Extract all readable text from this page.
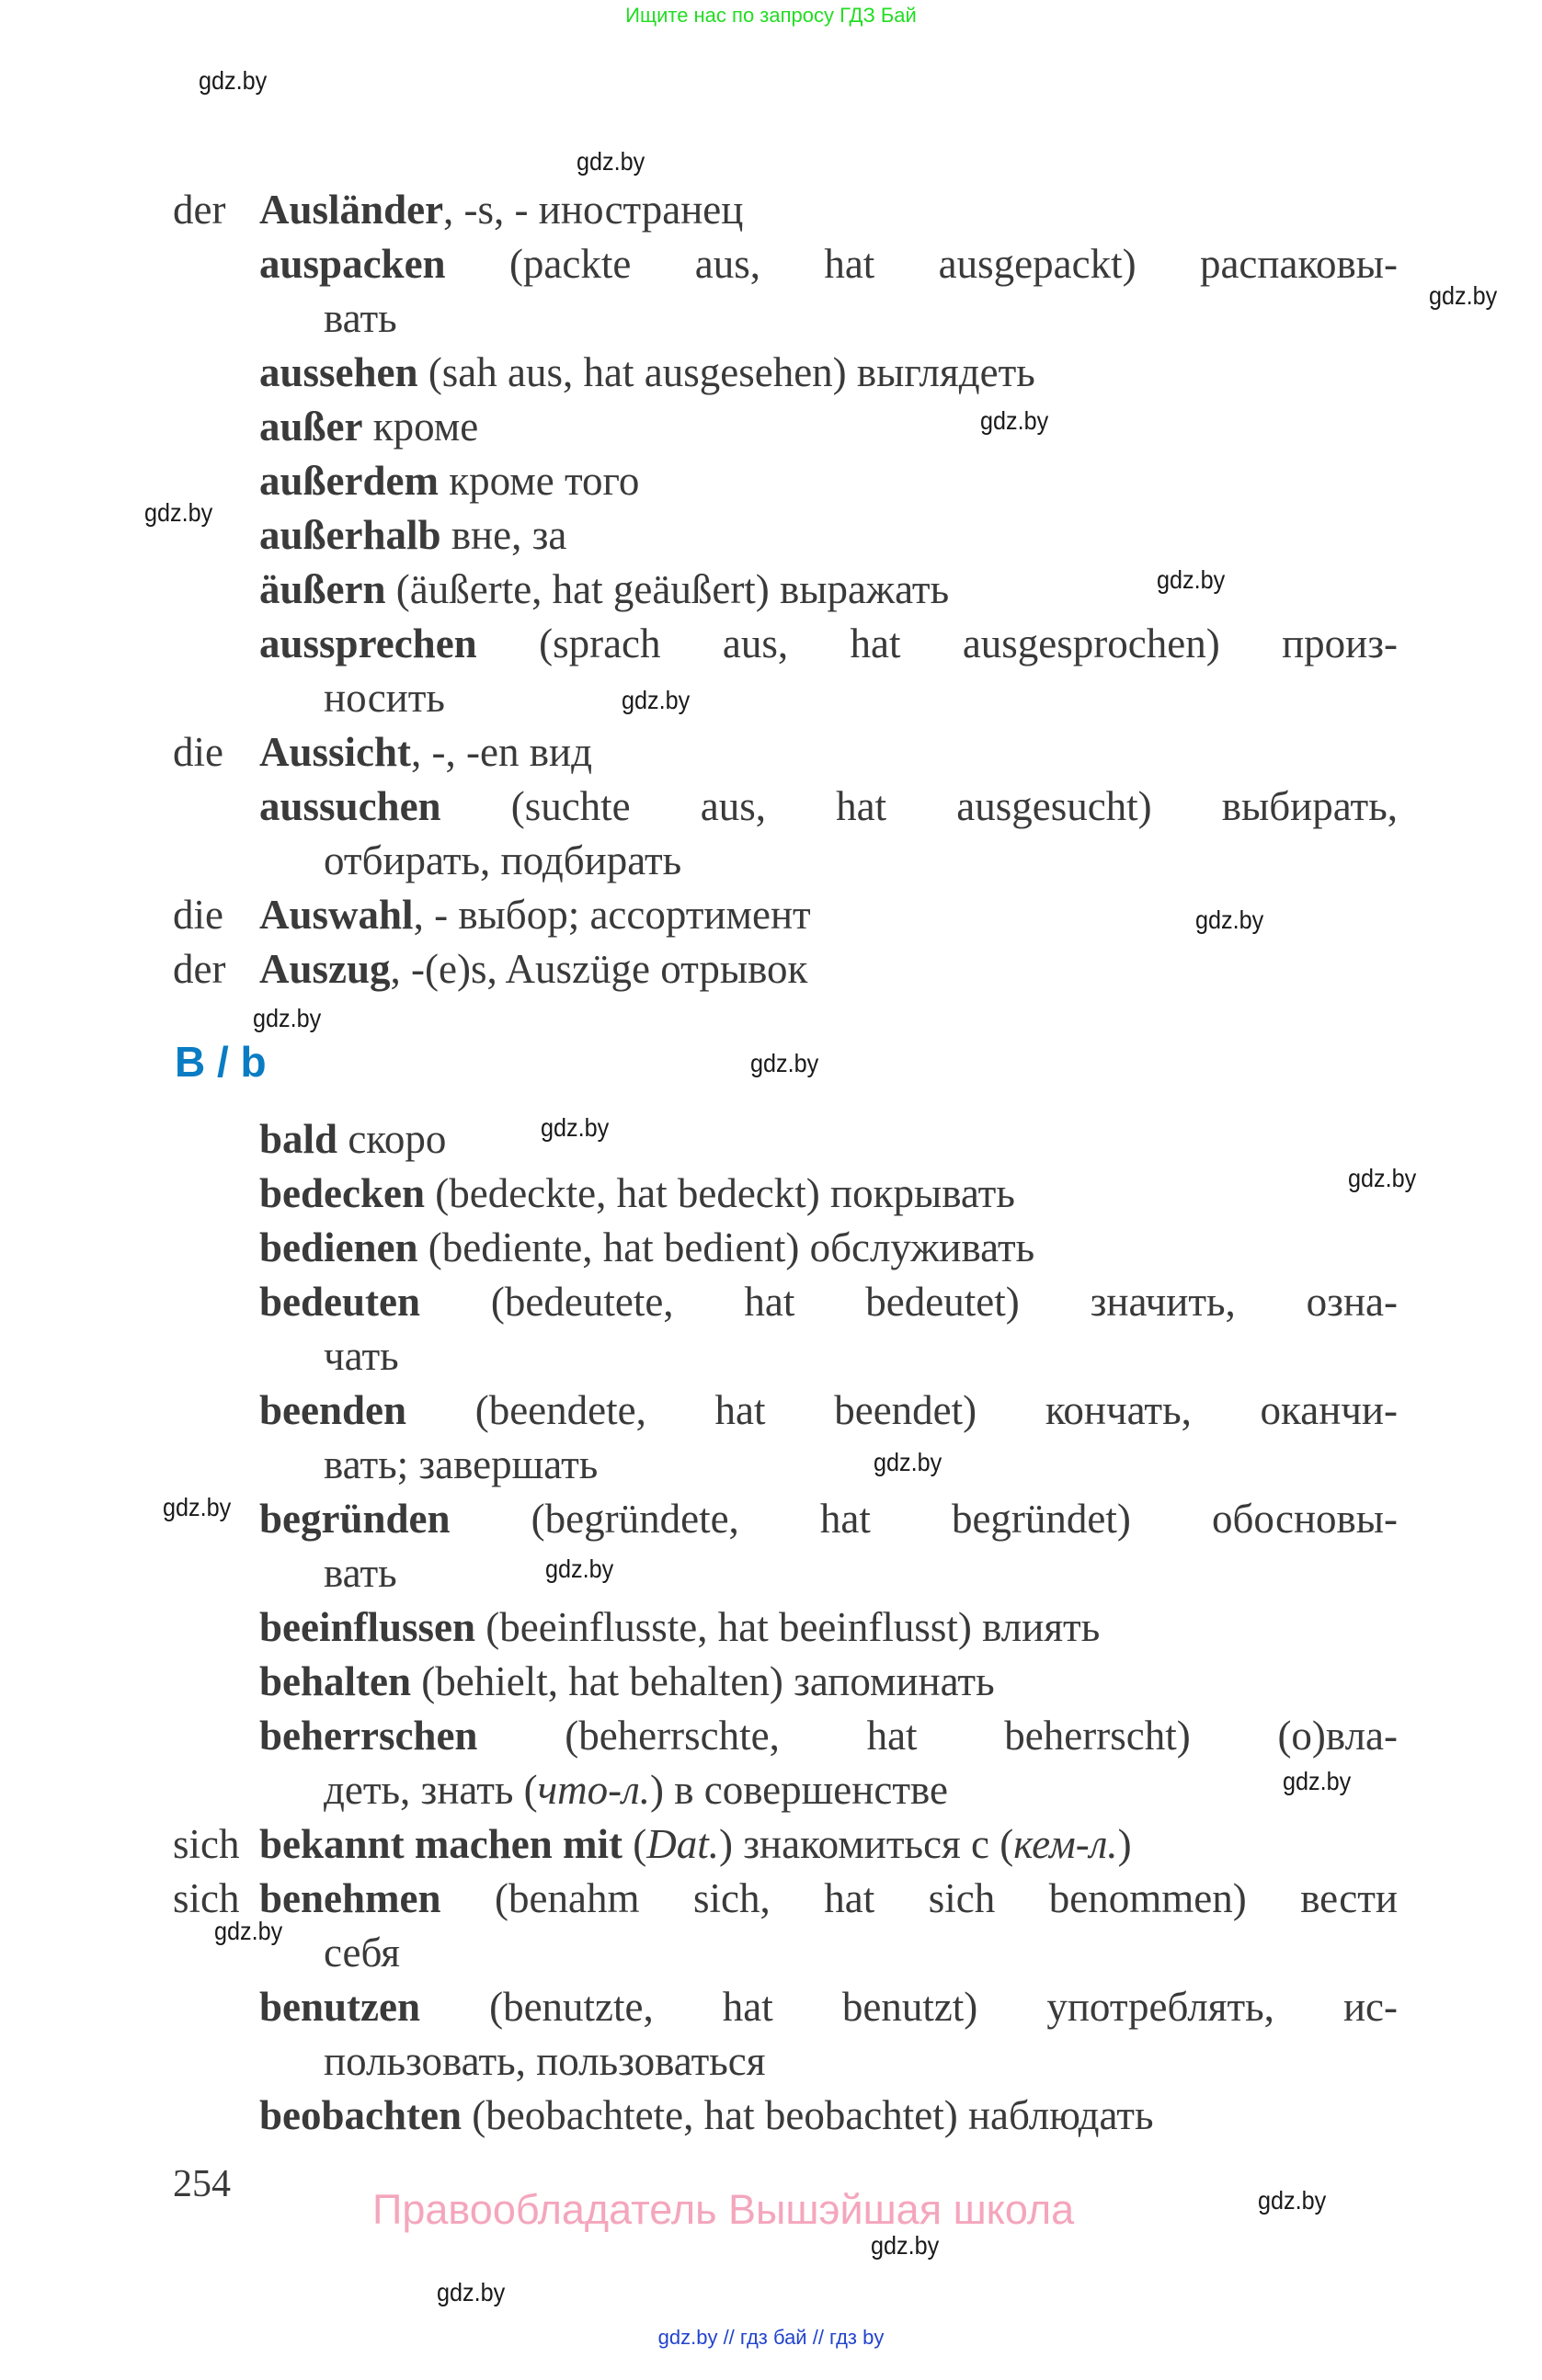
Ищите нас по запросу ГДЗ Бай
der Ausländer, -s, - иностранец
auspacken (packte aus, hat ausgepackt) распаковы-
вать
aussehen (sah aus, hat ausgesehen) выглядеть
außer кроме
außerdem кроме того
außerhalb вне, за
äußern (äußerte, hat geäußert) выражать
aussprechen (sprach aus, hat ausgesprochen) произ-
носить
die Aussicht, -, -en вид
aussuchen (suchte aus, hat ausgesucht) выбирать,
отбирать, подбирать
die Auswahl, - выбор; ассортимент
der Auszug, -(e)s, Auszüge отрывок
bald скоро
bedecken (bedeckte, hat bedeckt) покрывать
bedienen (bediente, hat bedient) обслуживать
bedeuten (bedeutete, hat bedeutet) значить, озна-
чать
beenden (beendete, hat beendet) кончать, оканчи-
вать; завершать
begründen (begründete, hat begründet) обосновы-
вать
beeinflussen (beeinflusste, hat beeinflusst) влиять
behalten (behielt, hat behalten) запоминать
beherrschen (beherrschte, hat beherrscht) (о)вла-
деть, знать (что-л.) в совершенстве
sich bekannt machen mit (Dat.) знакомиться с (кем-л.)
sich benehmen (benahm sich, hat sich benommen) вести
себя
benutzen (benutzte, hat benutzt) употреблять, ис-
пользовать, пользоваться
beobachten (beobachtete, hat beobachtet) наблюдать
B / b
254
Правообладатель Вышэйшая школа
gdz.by // гдз бай // гдз by
gdz.by
gdz.by
gdz.by
gdz.by
gdz.by
gdz.by
gdz.by
gdz.by
gdz.by
gdz.by
gdz.by
gdz.by
gdz.by
gdz.by
gdz.by
gdz.by
gdz.by
gdz.by
gdz.by
gdz.by
